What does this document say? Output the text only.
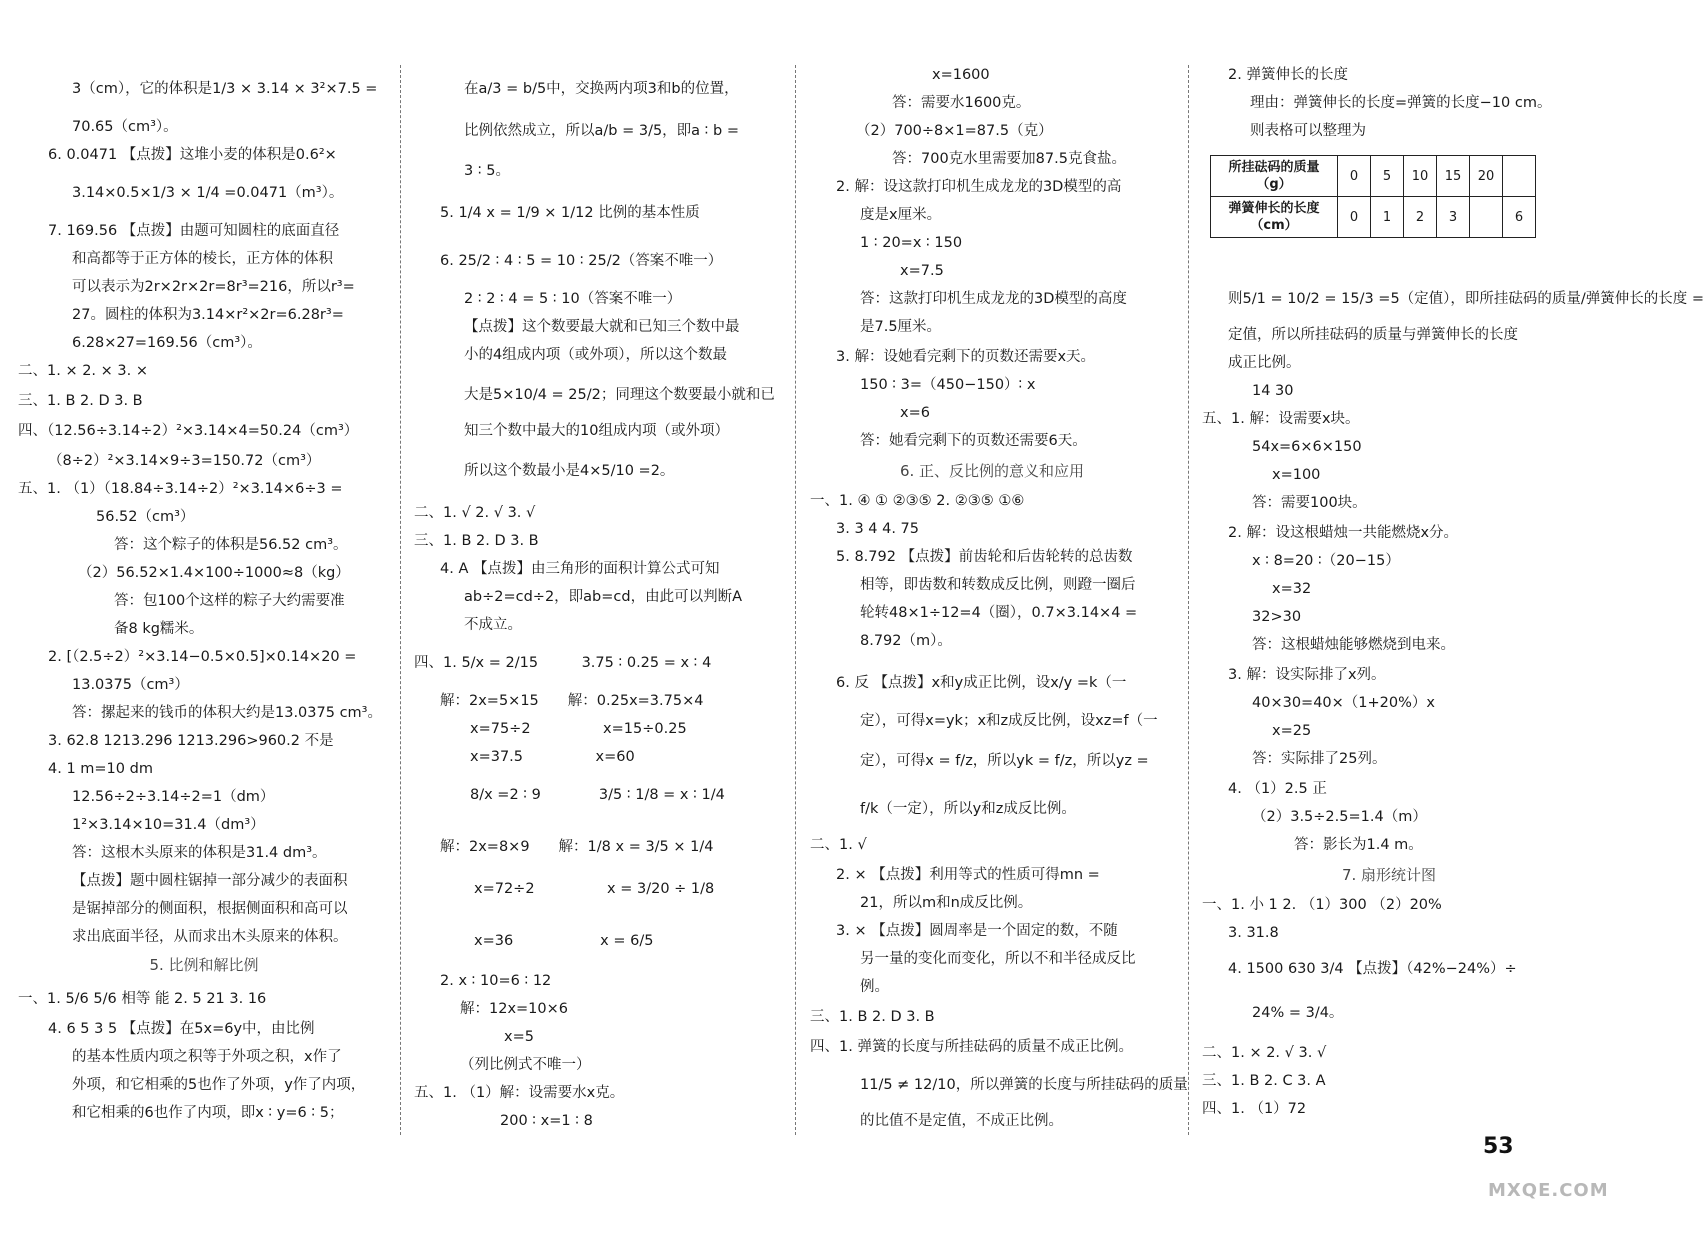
3（cm），它的体积是1/3 × 3.14 × 3²×7.5 =
70.65（cm³）。
6. 0.0471 【点拨】这堆小麦的体积是0.6²×
3.14×0.5×1/3 × 1/4 =0.0471（m³）。
7. 169.56 【点拨】由题可知圆柱的底面直径
和高都等于正方体的棱长，正方体的体积
可以表示为2r×2r×2r=8r³=216，所以r³=
27。圆柱的体积为3.14×r²×2r=6.28r³=
6.28×27=169.56（cm³）。
二、1. × 2. × 3. ×
三、1. B 2. D 3. B
四、（12.56÷3.14÷2）²×3.14×4=50.24（cm³）
（8÷2）²×3.14×9÷3=150.72（cm³）
五、1. （1）（18.84÷3.14÷2）²×3.14×6÷3 =
56.52（cm³）
答：这个粽子的体积是56.52 cm³。
（2）56.52×1.4×100÷1000≈8（kg）
答：包100个这样的粽子大约需要准
备8 kg糯米。
2. [（2.5÷2）²×3.14−0.5×0.5]×0.14×20 =
13.0375（cm³）
答：摞起来的钱币的体积大约是13.0375 cm³。
3. 62.8 1213.296 1213.296>960.2 不是
4. 1 m=10 dm
12.56÷2÷3.14÷2=1（dm）
1²×3.14×10=31.4（dm³）
答：这根木头原来的体积是31.4 dm³。
【点拨】题中圆柱锯掉一部分减少的表面积
是锯掉部分的侧面积，根据侧面积和高可以
求出底面半径，从而求出木头原来的体积。
5. 比例和解比例
一、1. 5/6 5/6 相等 能 2. 5 21 3. 16
4. 6 5 3 5 【点拨】在5x=6y中，由比例
的基本性质内项之积等于外项之积，x作了
外项，和它相乘的5也作了外项，y作了内项，
和它相乘的6也作了内项，即x ∶ y=6 ∶ 5；
在a/3 = b/5中，交换两内项3和b的位置，
比例依然成立，所以a/b = 3/5，即a ∶ b =
3 ∶ 5。
5. 1/4 x = 1/9 × 1/12 比例的基本性质
6. 25/2 ∶ 4 ∶ 5 = 10 ∶ 25/2（答案不唯一）
2 ∶ 2 ∶ 4 = 5 ∶ 10（答案不唯一）
【点拨】这个数要最大就和已知三个数中最
小的4组成内项（或外项），所以这个数最
大是5×10/4 = 25/2；同理这个数要最小就和已
知三个数中最大的10组成内项（或外项）
所以这个数最小是4×5/10 =2。
二、1. √ 2. √ 3. √
三、1. B 2. D 3. B
4. A 【点拨】由三角形的面积计算公式可知
ab÷2=cd÷2，即ab=cd，由此可以判断A
不成立。
四、1. 5/x = 2/15　　　3.75 ∶ 0.25 = x ∶ 4
解：2x=5×15　　解：0.25x=3.75×4
x=75÷2　　　　　x=15÷0.25
x=37.5　　　　　x=60
8/x =2 ∶ 9　　　　3/5 ∶ 1/8 = x ∶ 1/4
解：2x=8×9　　解：1/8 x = 3/5 × 1/4
x=72÷2　　　　　x = 3/20 ÷ 1/8
x=36　　　　　　x = 6/5
2. x ∶ 10=6 ∶ 12
解：12x=10×6
x=5
（列比例式不唯一）
五、1. （1）解：设需要水x克。
200 ∶ x=1 ∶ 8
x=1600
答：需要水1600克。
（2）700÷8×1=87.5（克）
答：700克水里需要加87.5克食盐。
2. 解：设这款打印机生成龙龙的3D模型的高
度是x厘米。
1 ∶ 20=x ∶ 150
x=7.5
答：这款打印机生成龙龙的3D模型的高度
是7.5厘米。
3. 解：设她看完剩下的页数还需要x天。
150 ∶ 3=（450−150）∶ x
x=6
答：她看完剩下的页数还需要6天。
6. 正、反比例的意义和应用
一、1. ④ ① ②③⑤ 2. ②③⑤ ①⑥
3. 3 4 4. 75
5. 8.792 【点拨】前齿轮和后齿轮转的总齿数
相等，即齿数和转数成反比例，则蹬一圈后
轮转48×1÷12=4（圈），0.7×3.14×4 =
8.792（m）。
6. 反 【点拨】x和y成正比例，设x/y =k（一
定），可得x=yk；x和z成反比例，设xz=f（一
定），可得x = f/z，所以yk = f/z，所以yz =
f/k（一定），所以y和z成反比例。
二、1. √
2. × 【点拨】利用等式的性质可得mn =
21，所以m和n成反比例。
3. × 【点拨】圆周率是一个固定的数，不随
另一量的变化而变化，所以不和半径成反比
例。
三、1. B 2. D 3. B
四、1. 弹簧的长度与所挂砝码的质量不成正比例。
11/5 ≠ 12/10，所以弹簧的长度与所挂砝码的质量
的比值不是定值，不成正比例。
2. 弹簧伸长的长度
理由：弹簧伸长的长度=弹簧的长度−10 cm。
则表格可以整理为
所挂砝码的质量（g）	0	5	10	15	20	
弹簧伸长的长度（cm）	0	1	2	3		6
则5/1 = 10/2 = 15/3 =5（定值），即所挂砝码的质量/弹簧伸长的长度 =
定值，所以所挂砝码的质量与弹簧伸长的长度
成正比例。
14 30
五、1. 解：设需要x块。
54x=6×6×150
x=100
答：需要100块。
2. 解：设这根蜡烛一共能燃烧x分。
x ∶ 8=20 ∶（20−15）
x=32
32>30
答：这根蜡烛能够燃烧到电来。
3. 解：设实际排了x列。
40×30=40×（1+20%）x
x=25
答：实际排了25列。
4. （1）2.5 正
（2）3.5÷2.5=1.4（m）
答：影长为1.4 m。
7. 扇形统计图
一、1. 小 1 2. （1）300 （2）20%
3. 31.8
4. 1500 630 3/4 【点拨】（42%−24%）÷
24% = 3/4。
二、1. × 2. √ 3. √
三、1. B 2. C 3. A
四、1. （1）72
53
MXQE.COM
